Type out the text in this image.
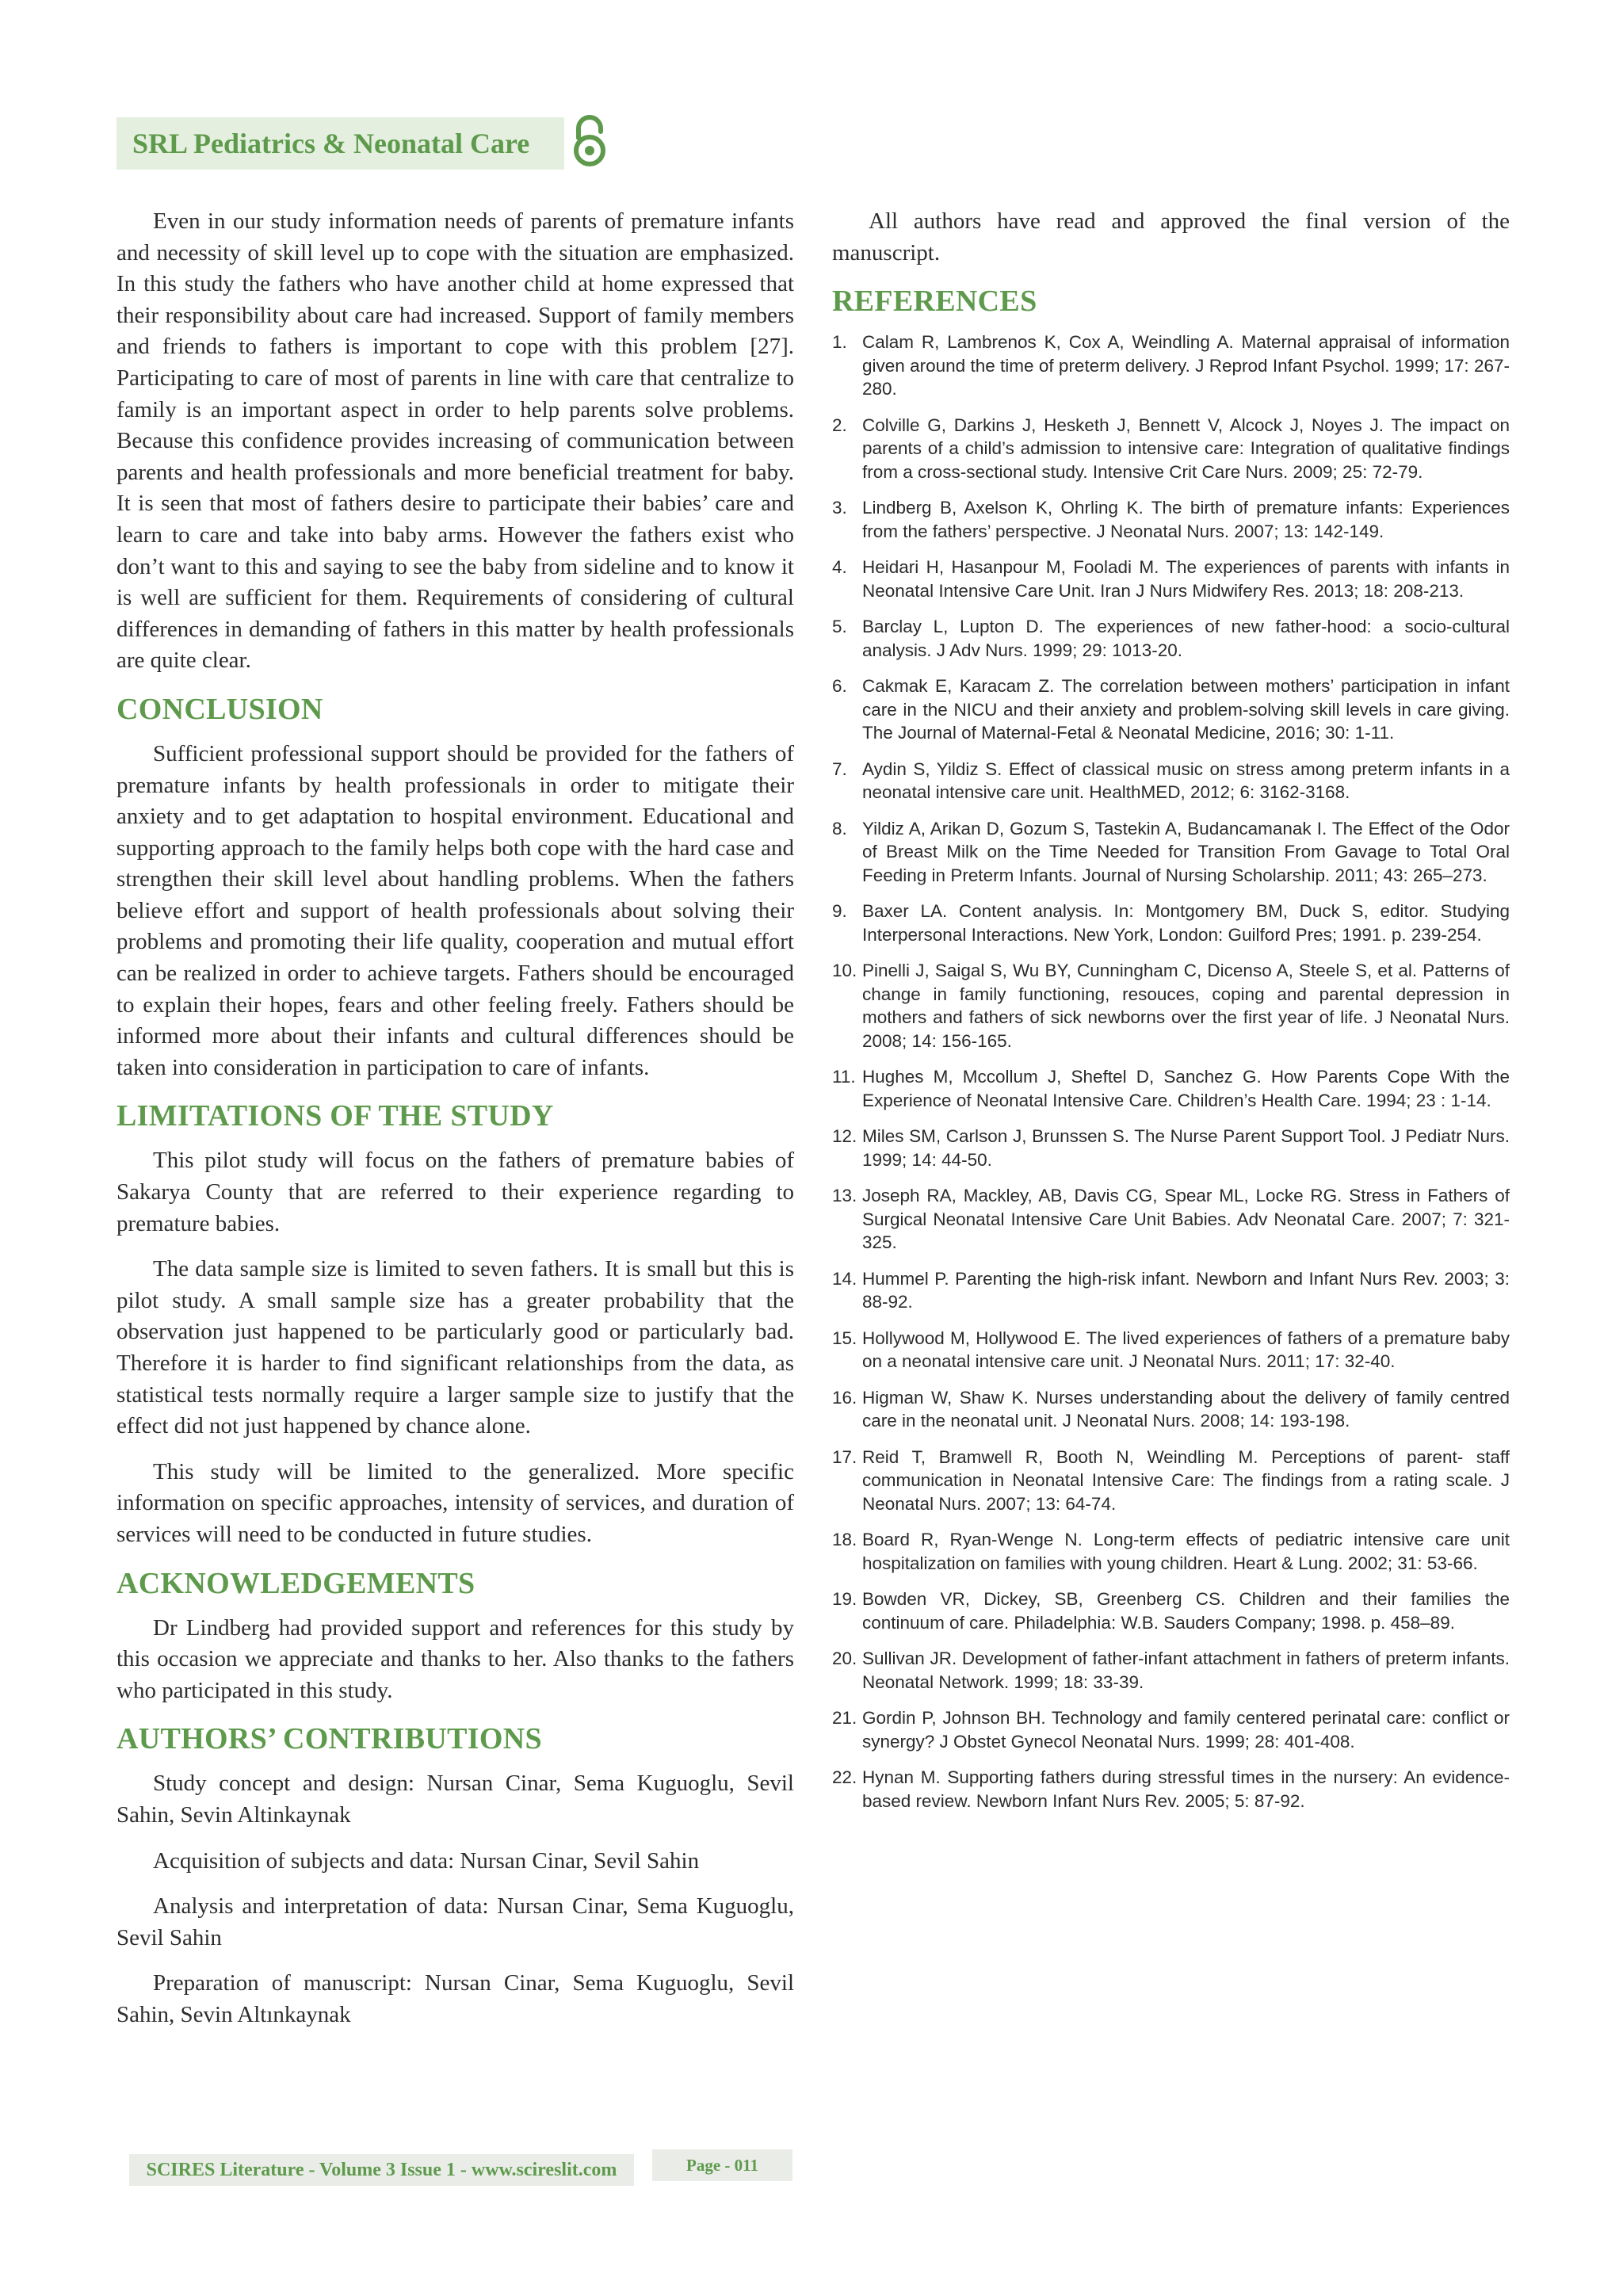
SRL Pediatrics & Neonatal Care

Even in our study information needs of parents of premature infants and necessity of skill level up to cope with the situation are emphasized. In this study the fathers who have another child at home expressed that their responsibility about care had increased. Support of family members and friends to fathers is important to cope with this problem [27]. Participating to care of most of parents in line with care that centralize to family is an important aspect in order to help parents solve problems. Because this confidence provides increasing of communication between parents and health professionals and more beneficial treatment for baby. It is seen that most of fathers desire to participate their babies’ care and learn to care and take into baby arms. However the fathers exist who don’t want to this and saying to see the baby from sideline and to know it is well are sufficient for them. Requirements of considering of cultural differences in demanding of fathers in this matter by health professionals are quite clear.

CONCLUSION

Sufficient professional support should be provided for the fathers of premature infants by health professionals in order to mitigate their anxiety and to get adaptation to hospital environment. Educational and supporting approach to the family helps both cope with the hard case and strengthen their skill level about handling problems. When the fathers believe effort and support of health professionals about solving their problems and promoting their life quality, cooperation and mutual effort can be realized in order to achieve targets. Fathers should be encouraged to explain their hopes, fears and other feeling freely. Fathers should be informed more about their infants and cultural differences should be taken into consideration in participation to care of infants.

LIMITATIONS OF THE STUDY

This pilot study will focus on the fathers of premature babies of Sakarya County that are referred to their experience regarding to premature babies.

The data sample size is limited to seven fathers. It is small but this is pilot study. A small sample size has a greater probability that the observation just happened to be particularly good or particularly bad. Therefore it is harder to find significant relationships from the data, as statistical tests normally require a larger sample size to justify that the effect did not just happened by chance alone.

This study will be limited to the generalized. More specific information on specific approaches, intensity of services, and duration of services will need to be conducted in future studies.

ACKNOWLEDGEMENTS

Dr Lindberg had provided support and references for this study by this occasion we appreciate and thanks to her. Also thanks to the fathers who participated in this study.

AUTHORS’ CONTRIBUTIONS

Study concept and design: Nursan Cinar, Sema Kuguoglu, Sevil Sahin, Sevin Altinkaynak

Acquisition of subjects and data: Nursan Cinar, Sevil Sahin

Analysis and interpretation of data: Nursan Cinar, Sema Kuguoglu, Sevil Sahin

Preparation of manuscript: Nursan Cinar, Sema Kuguoglu, Sevil Sahin, Sevin Altınkaynak

All authors have read and approved the final version of the manuscript.

REFERENCES
1. Calam R, Lambrenos K, Cox A, Weindling A. Maternal appraisal of information given around the time of preterm delivery. J Reprod Infant Psychol. 1999; 17: 267-280.
2. Colville G, Darkins J, Hesketh J, Bennett V, Alcock J, Noyes J. The impact on parents of a child’s admission to intensive care: Integration of qualitative findings from a cross-sectional study. Intensive Crit Care Nurs. 2009; 25: 72-79.
3. Lindberg B, Axelson K, Ohrling K. The birth of premature infants: Experiences from the fathers’ perspective. J Neonatal Nurs. 2007; 13: 142-149.
4. Heidari H, Hasanpour M, Fooladi M. The experiences of parents with infants in Neonatal Intensive Care Unit. Iran J Nurs Midwifery Res. 2013; 18: 208-213.
5. Barclay L, Lupton D. The experiences of new father-hood: a socio-cultural analysis. J Adv Nurs. 1999; 29: 1013-20.
6. Cakmak E, Karacam Z. The correlation between mothers’ participation in infant care in the NICU and their anxiety and problem-solving skill levels in care giving. The Journal of Maternal-Fetal & Neonatal Medicine, 2016; 30: 1-11.
7. Aydin S, Yildiz S. Effect of classical music on stress among preterm infants in a neonatal intensive care unit. HealthMED, 2012; 6: 3162-3168.
8. Yildiz A, Arikan D, Gozum S, Tastekin A, Budancamanak I. The Effect of the Odor of Breast Milk on the Time Needed for Transition From Gavage to Total Oral Feeding in Preterm Infants. Journal of Nursing Scholarship. 2011; 43: 265–273.
9. Baxer LA. Content analysis. In: Montgomery BM, Duck S, editor. Studying Interpersonal Interactions. New York, London: Guilford Pres; 1991. p. 239-254.
10. Pinelli J, Saigal S, Wu BY, Cunningham C, Dicenso A, Steele S, et al. Patterns of change in family functioning, resouces, coping and parental depression in mothers and fathers of sick newborns over the first year of life. J Neonatal Nurs. 2008; 14: 156-165.
11. Hughes M, Mccollum J, Sheftel D, Sanchez G. How Parents Cope With the Experience of Neonatal Intensive Care. Children’s Health Care. 1994; 23 : 1-14.
12. Miles SM, Carlson J, Brunssen S. The Nurse Parent Support Tool. J Pediatr Nurs. 1999; 14: 44-50.
13. Joseph RA, Mackley, AB, Davis CG, Spear ML, Locke RG. Stress in Fathers of Surgical Neonatal Intensive Care Unit Babies. Adv Neonatal Care. 2007; 7: 321-325.
14. Hummel P. Parenting the high-risk infant. Newborn and Infant Nurs Rev. 2003; 3: 88-92.
15. Hollywood M, Hollywood E. The lived experiences of fathers of a premature baby on a neonatal intensive care unit. J Neonatal Nurs. 2011; 17: 32-40.
16. Higman W, Shaw K. Nurses understanding about the delivery of family centred care in the neonatal unit. J Neonatal Nurs. 2008; 14: 193-198.
17. Reid T, Bramwell R, Booth N, Weindling M. Perceptions of parent- staff communication in Neonatal Intensive Care: The findings from a rating scale. J Neonatal Nurs. 2007; 13: 64-74.
18. Board R, Ryan-Wenge N. Long-term effects of pediatric intensive care unit hospitalization on families with young children. Heart & Lung. 2002; 31: 53-66.
19. Bowden VR, Dickey, SB, Greenberg CS. Children and their families the continuum of care. Philadelphia: W.B. Sauders Company; 1998. p. 458–89.
20. Sullivan JR. Development of father-infant attachment in fathers of preterm infants. Neonatal Network. 1999; 18: 33-39.
21. Gordin P, Johnson BH. Technology and family centered perinatal care: conflict or synergy? J Obstet Gynecol Neonatal Nurs. 1999; 28: 401-408.
22. Hynan M. Supporting fathers during stressful times in the nursery: An evidence-based review. Newborn Infant Nurs Rev. 2005; 5: 87-92.
SCIRES Literature - Volume 3 Issue 1 - www.scireslit.com	Page - 011
